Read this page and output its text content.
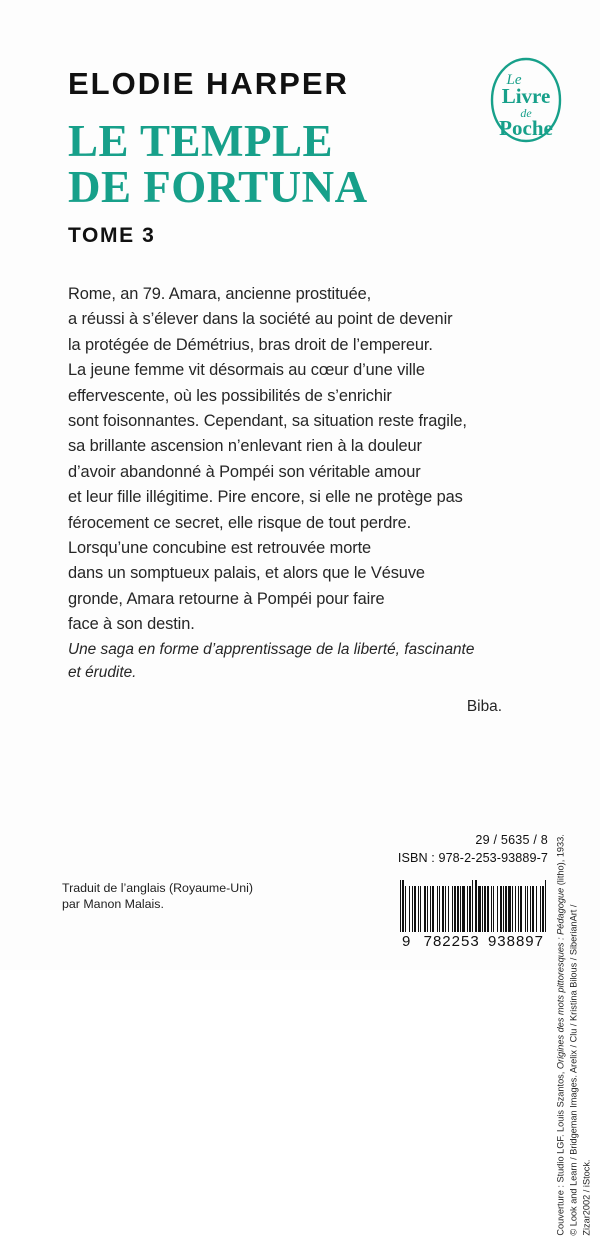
ELODIE HARPER	Le
Livre
de
Poche
LE TEMPLE
DE FORTUNA
TOME 3

Rome, an 79. Amara, ancienne prostituée,
a réussi à s’élever dans la société au point de devenir
la protégée de Démétrius, bras droit de l’empereur.
La jeune femme vit désormais au cœur d’une ville
effervescente, où les possibilités de s’enrichir
sont foisonnantes. Cependant, sa situation reste fragile,
sa brillante ascension n’enlevant rien à la douleur
d’avoir abandonné à Pompéi son véritable amour
et leur fille illégitime. Pire encore, si elle ne protège pas
férocement ce secret, elle risque de tout perdre.
Lorsqu’une concubine est retrouvée morte
dans un somptueux palais, et alors que le Vésuve
gronde, Amara retourne à Pompéi pour faire
face à son destin.

Une saga en forme d’apprentissage de la liberté, fascinante
et érudite.

Biba.

Couverture : Studio LGF. Louis Szantos, Origines des mots pittoresques : Pédagogue (litho), 1933.
© Look and Learn / Bridgeman Images. Arelix / Clu / Kristina Bilous / SiberianArt / Zizar2002 / iStock.
Traduit de l’anglais (Royaume-Uni)
par Manon Malais.

29 / 5635 / 8

ISBN : 978-2-253-93889-7

9 782253 938897
